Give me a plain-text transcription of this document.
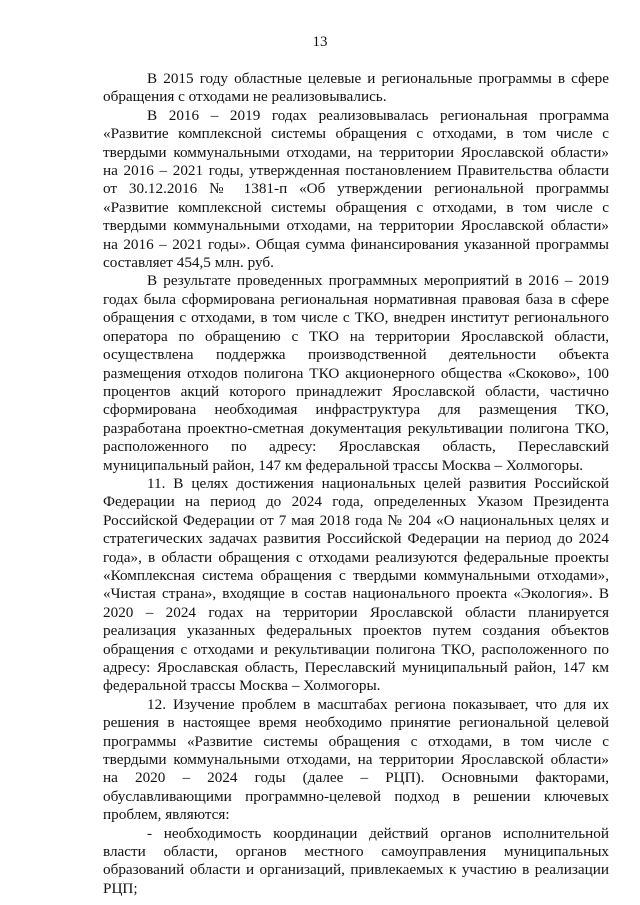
13

В 2015 году областные целевые и региональные программы в сфере обращения с отходами не реализовывались.

В 2016 – 2019 годах реализовывалась региональная программа «Развитие комплексной системы обращения с отходами, в том числе с твердыми коммунальными отходами, на территории Ярославской области» на 2016 – 2021 годы, утвержденная постановлением Правительства области от 30.12.2016 № 1381-п «Об утверждении региональной программы «Развитие комплексной системы обращения с отходами, в том числе с твердыми коммунальными отходами, на территории Ярославской области» на 2016 – 2021 годы». Общая сумма финансирования указанной программы составляет 454,5 млн. руб.

В результате проведенных программных мероприятий в 2016 – 2019 годах была сформирована региональная нормативная правовая база в сфере обращения с отходами, в том числе с ТКО, внедрен институт регионального оператора по обращению с ТКО на территории Ярославской области, осуществлена поддержка производственной деятельности объекта размещения отходов полигона ТКО акционерного общества «Скоково», 100 процентов акций которого принадлежит Ярославской области, частично сформирована необходимая инфраструктура для размещения ТКО, разработана проектно-сметная документация рекультивации полигона ТКО, расположенного по адресу: Ярославская область, Переславский муниципальный район, 147 км федеральной трассы Москва – Холмогоры.

11. В целях достижения национальных целей развития Российской Федерации на период до 2024 года, определенных Указом Президента Российской Федерации от 7 мая 2018 года № 204 «О национальных целях и стратегических задачах развития Российской Федерации на период до 2024 года», в области обращения с отходами реализуются федеральные проекты «Комплексная система обращения с твердыми коммунальными отходами», «Чистая страна», входящие в состав национального проекта «Экология». В 2020 – 2024 годах на территории Ярославской области планируется реализация указанных федеральных проектов путем создания объектов обращения с отходами и рекультивации полигона ТКО, расположенного по адресу: Ярославская область, Переславский муниципальный район, 147 км федеральной трассы Москва – Холмогоры.

12. Изучение проблем в масштабах региона показывает, что для их решения в настоящее время необходимо принятие региональной целевой программы «Развитие системы обращения с отходами, в том числе с твердыми коммунальными отходами, на территории Ярославской области» на 2020 – 2024 годы (далее – РЦП). Основными факторами, обуславливающими программно-целевой подход в решении ключевых проблем, являются:

- необходимость координации действий органов исполнительной власти области, органов местного самоуправления муниципальных образований области и организаций, привлекаемых к участию в реализации РЦП;
